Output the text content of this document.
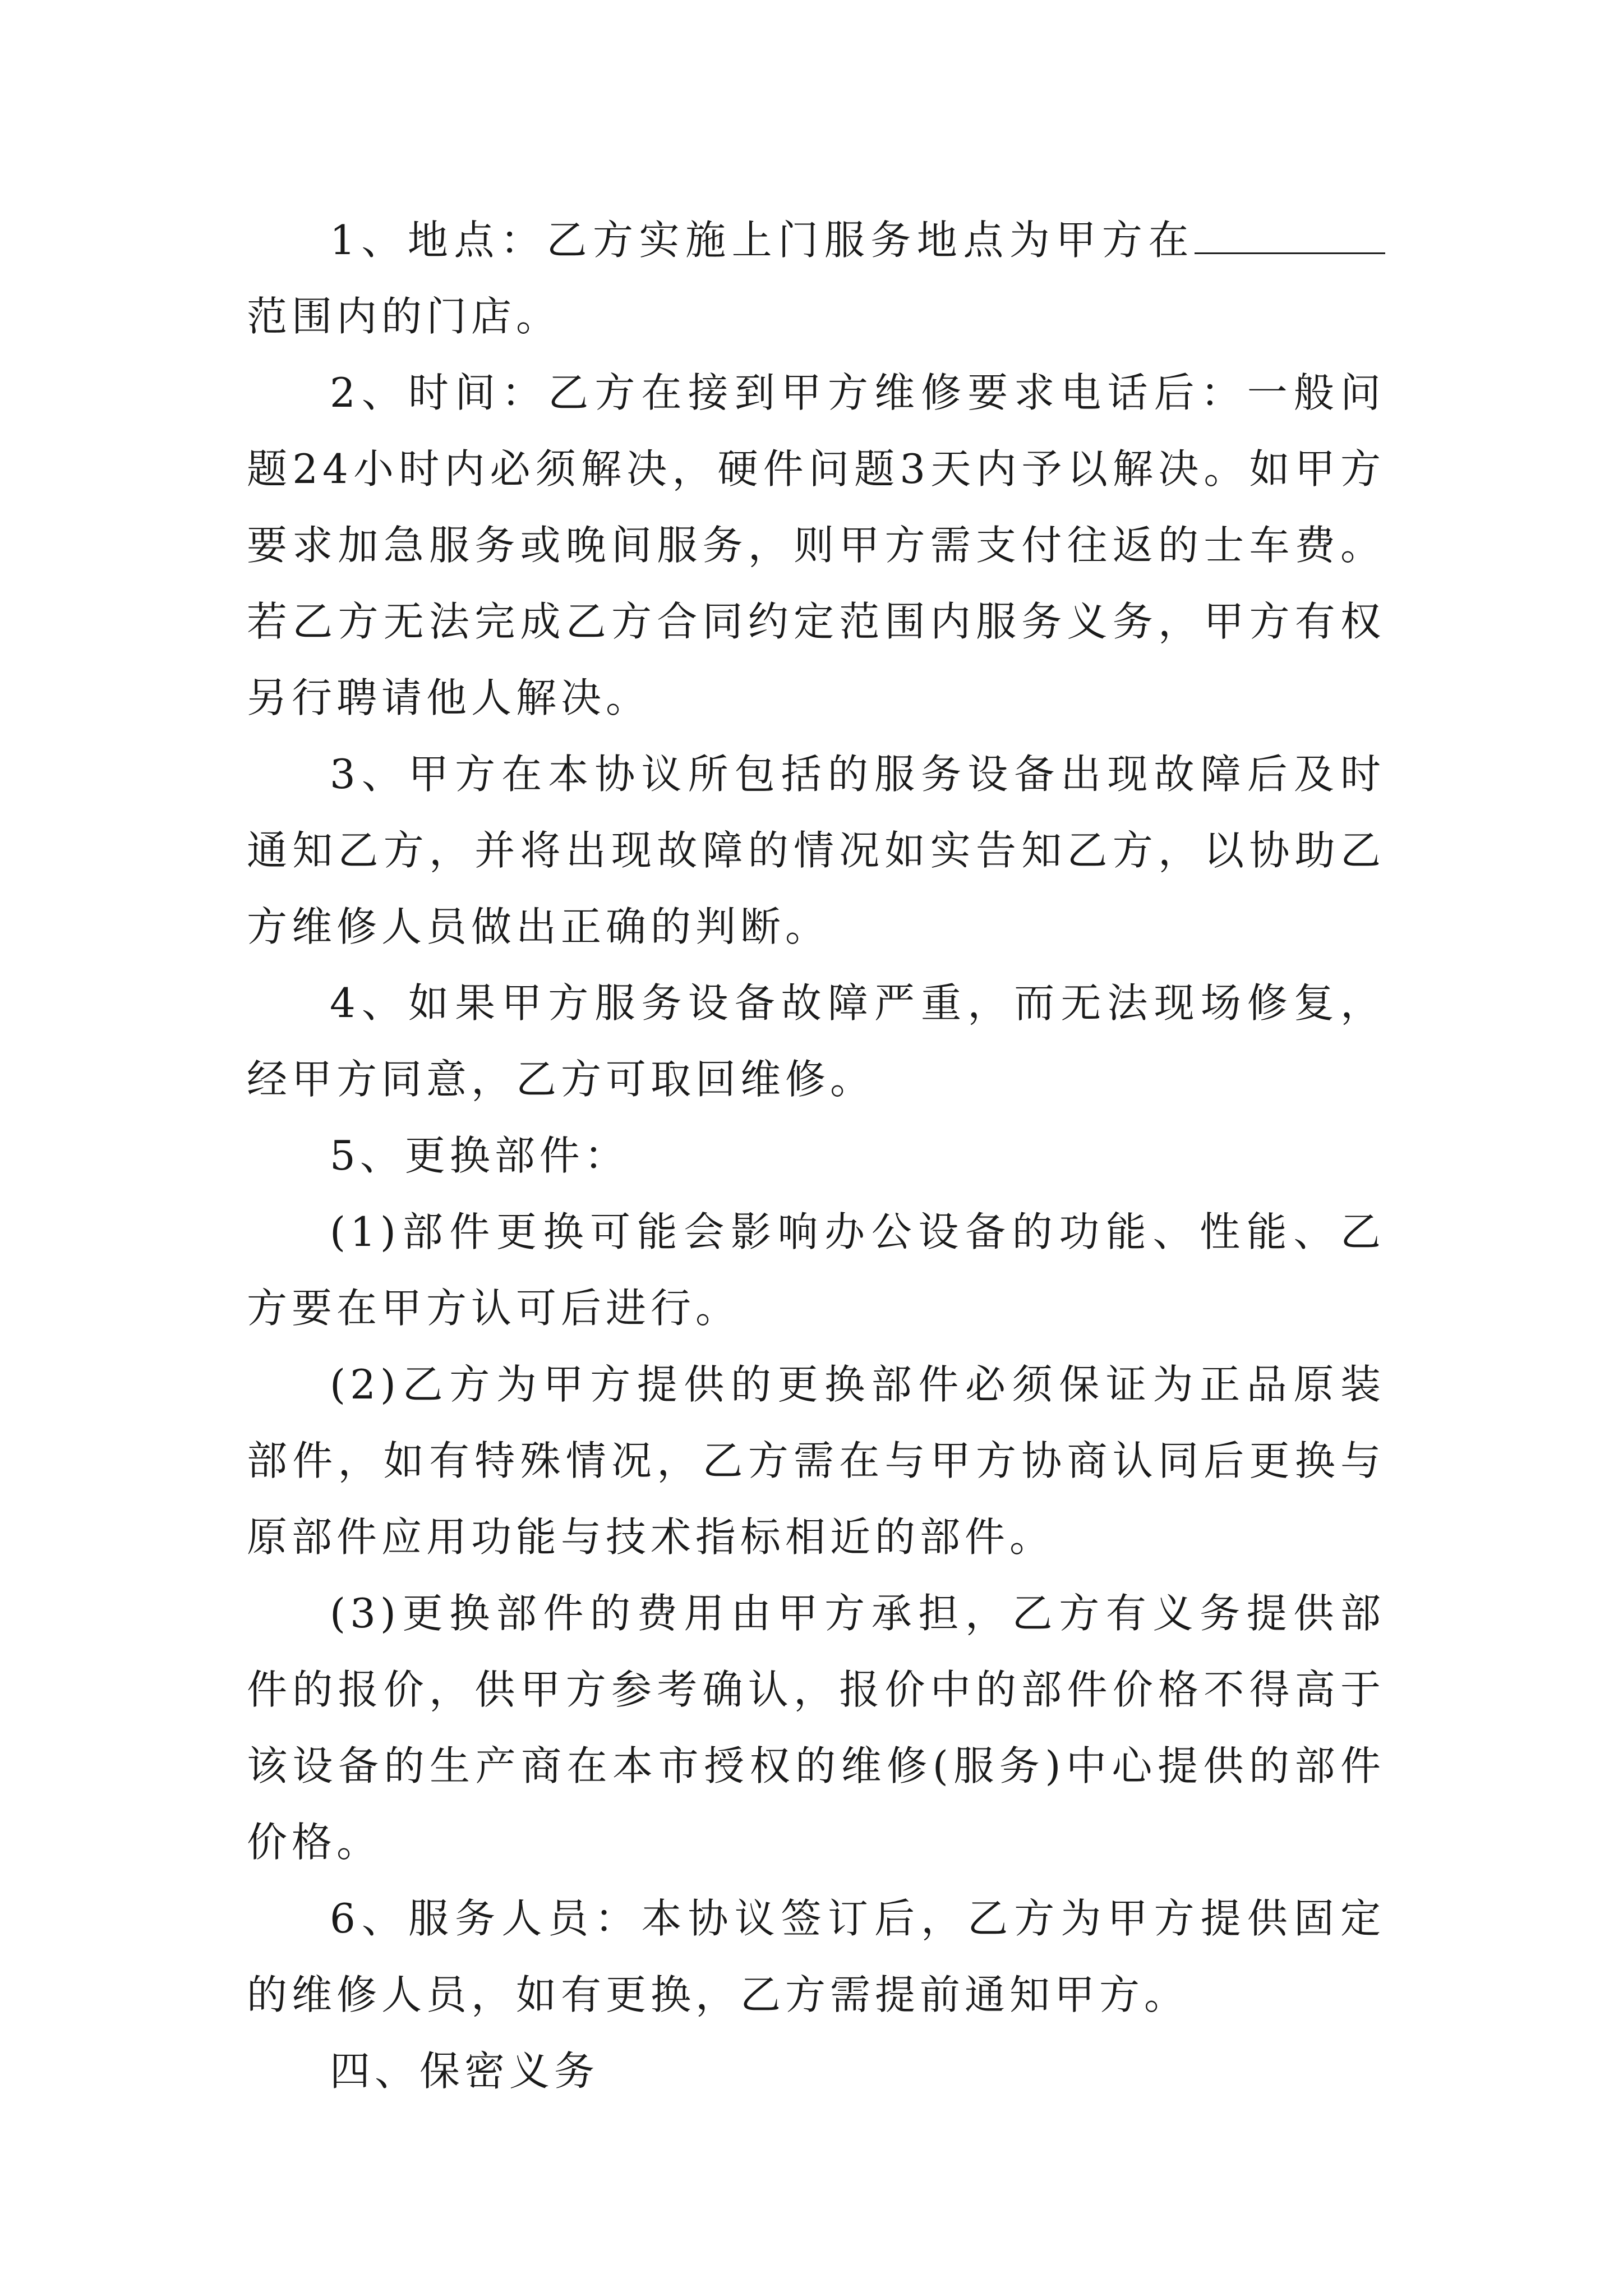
1、地点：乙方实施上门服务地点为甲方在范围内的门店。

2、时间：乙方在接到甲方维修要求电话后：一般问题24小时内必须解决，硬件问题3天内予以解决。如甲方要求加急服务或晚间服务，则甲方需支付往返的士车费。若乙方无法完成乙方合同约定范围内服务义务，甲方有权另行聘请他人解决。

3、甲方在本协议所包括的服务设备出现故障后及时通知乙方，并将出现故障的情况如实告知乙方，以协助乙方维修人员做出正确的判断。

4、如果甲方服务设备故障严重，而无法现场修复，经甲方同意，乙方可取回维修。

5、更换部件：

(1)部件更换可能会影响办公设备的功能、性能、乙方要在甲方认可后进行。

(2)乙方为甲方提供的更换部件必须保证为正品原装部件，如有特殊情况，乙方需在与甲方协商认同后更换与原部件应用功能与技术指标相近的部件。

(3)更换部件的费用由甲方承担，乙方有义务提供部件的报价，供甲方参考确认，报价中的部件价格不得高于该设备的生产商在本市授权的维修(服务)中心提供的部件价格。

6、服务人员：本协议签订后，乙方为甲方提供固定的维修人员，如有更换，乙方需提前通知甲方。

四、保密义务
